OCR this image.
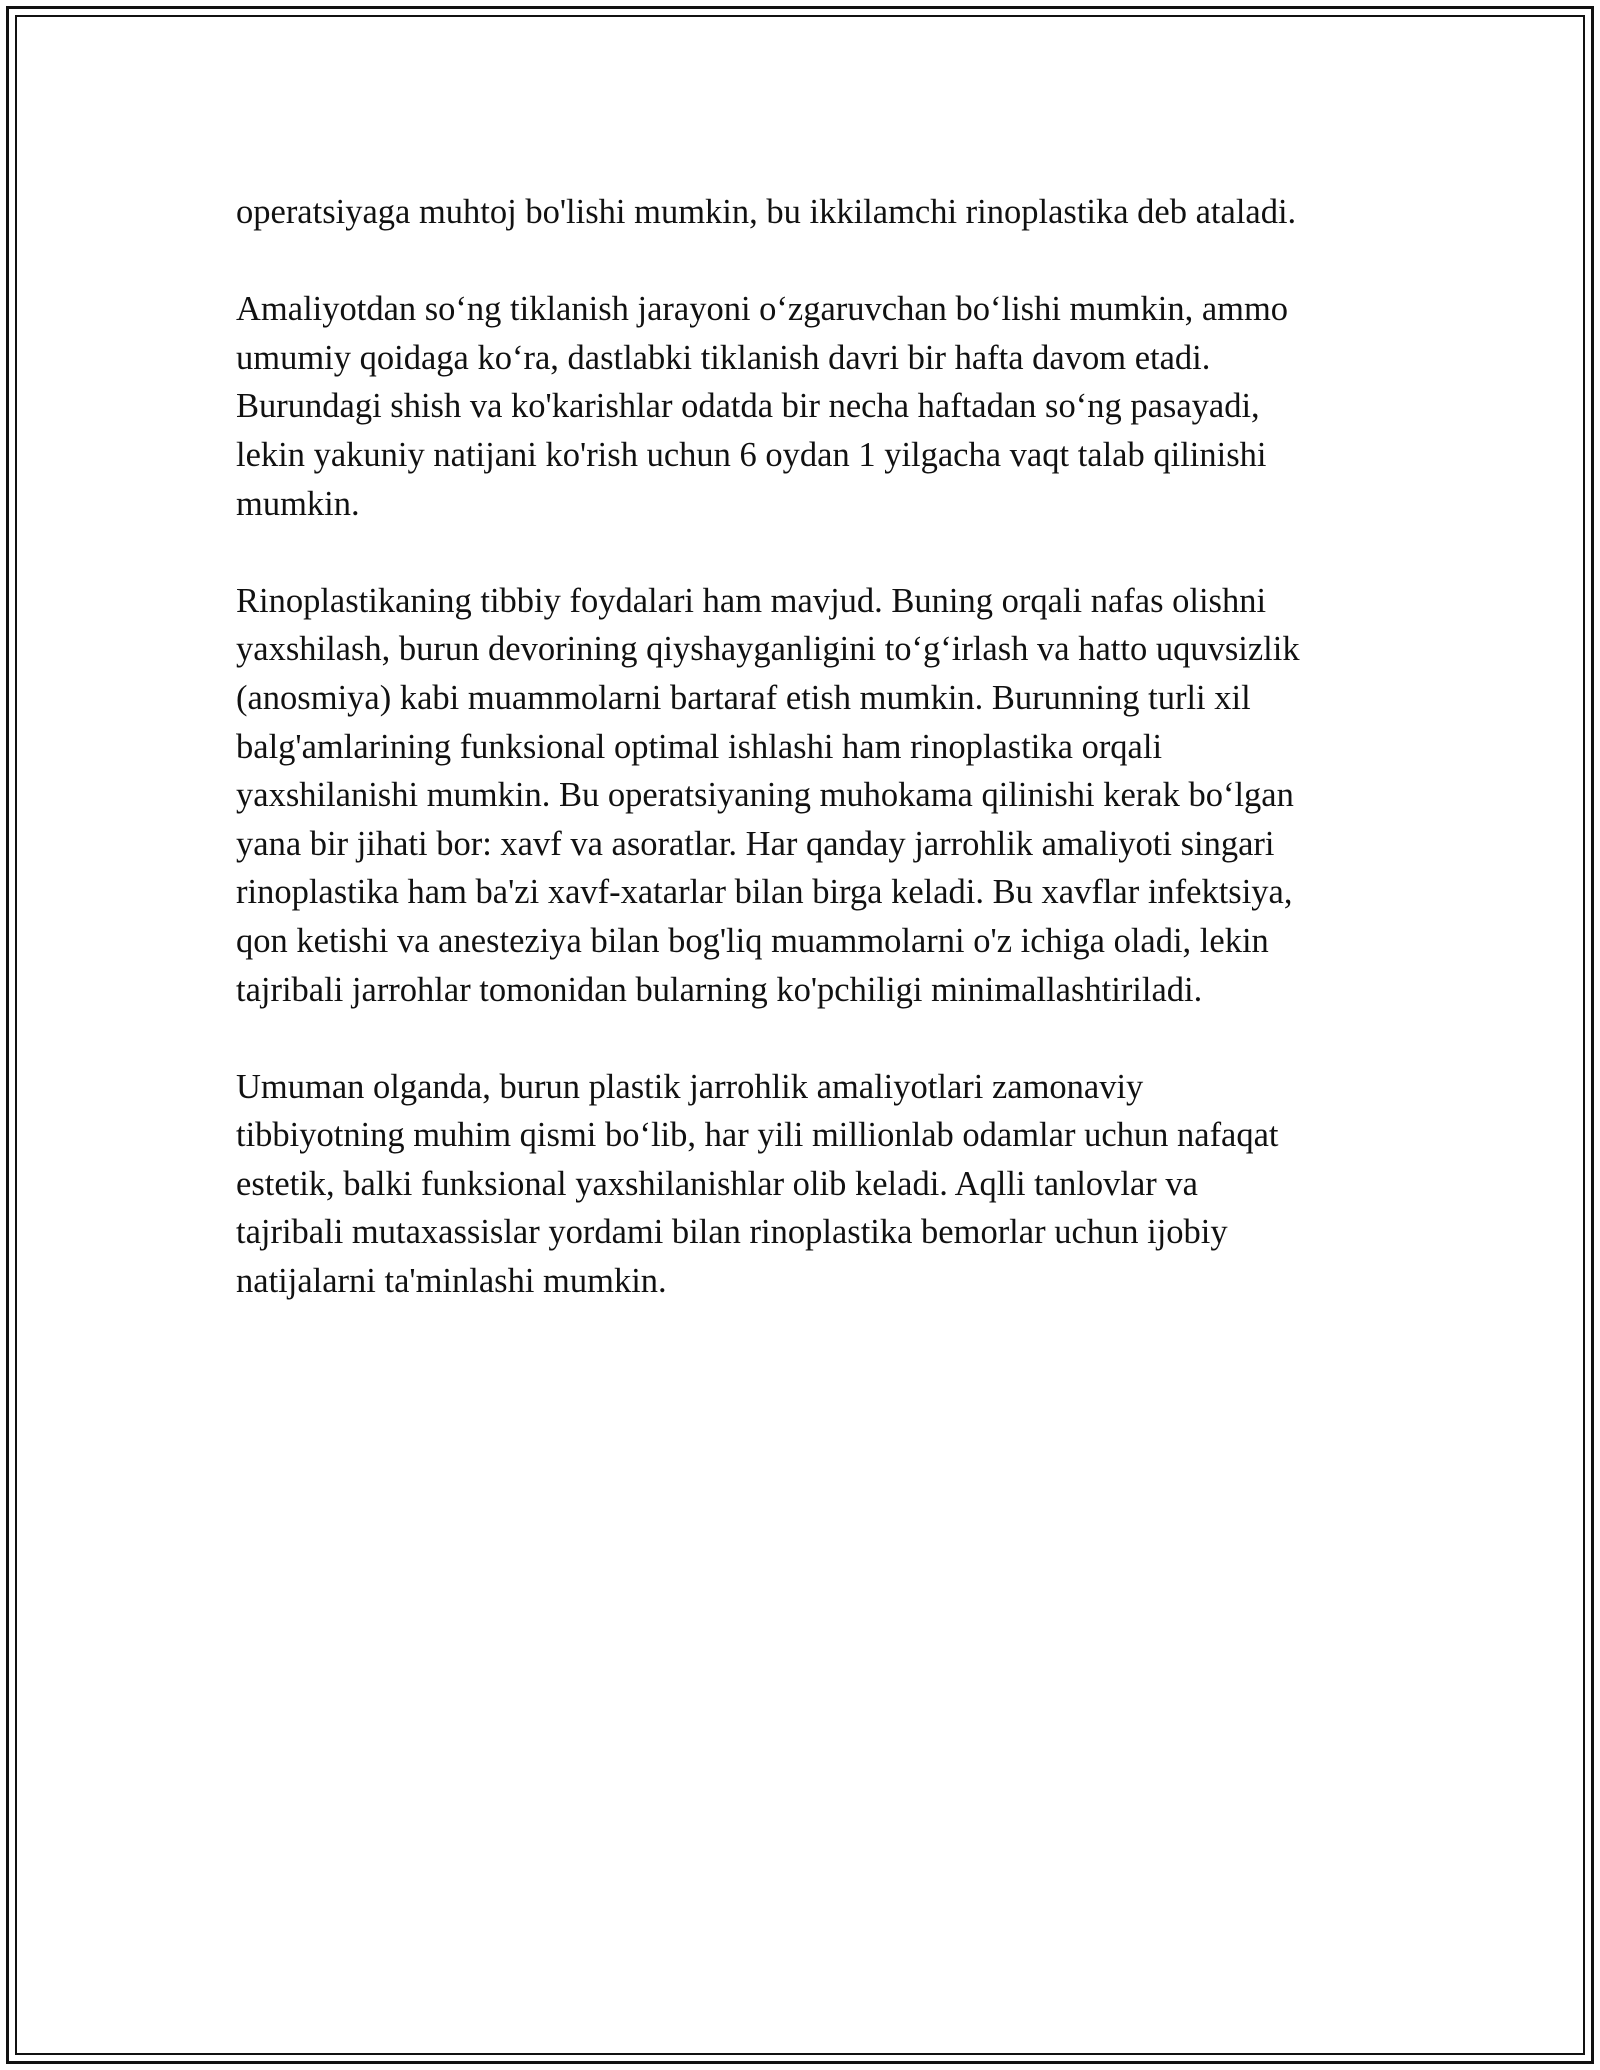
operatsiyaga muhtoj bo'lishi mumkin, bu ikkilamchi rinoplastika deb ataladi.

Amaliyotdan so‘ng tiklanish jarayoni o‘zgaruvchan bo‘lishi mumkin, ammo
umumiy qoidaga ko‘ra, dastlabki tiklanish davri bir hafta davom etadi.
Burundagi shish va ko'karishlar odatda bir necha haftadan so‘ng pasayadi,
lekin yakuniy natijani ko'rish uchun 6 oydan 1 yilgacha vaqt talab qilinishi
mumkin.

Rinoplastikaning tibbiy foydalari ham mavjud. Buning orqali nafas olishni
yaxshilash, burun devorining qiyshayganligini to‘g‘irlash va hatto uquvsizlik
(anosmiya) kabi muammolarni bartaraf etish mumkin. Burunning turli xil
balg'amlarining funksional optimal ishlashi ham rinoplastika orqali
yaxshilanishi mumkin. Bu operatsiyaning muhokama qilinishi kerak bo‘lgan
yana bir jihati bor: xavf va asoratlar. Har qanday jarrohlik amaliyoti singari
rinoplastika ham ba'zi xavf-xatarlar bilan birga keladi. Bu xavflar infektsiya,
qon ketishi va anesteziya bilan bog'liq muammolarni o'z ichiga oladi, lekin
tajribali jarrohlar tomonidan bularning ko'pchiligi minimallashtiriladi.

Umuman olganda, burun plastik jarrohlik amaliyotlari zamonaviy
tibbiyotning muhim qismi bo‘lib, har yili millionlab odamlar uchun nafaqat
estetik, balki funksional yaxshilanishlar olib keladi. Aqlli tanlovlar va
tajribali mutaxassislar yordami bilan rinoplastika bemorlar uchun ijobiy
natijalarni ta'minlashi mumkin.
